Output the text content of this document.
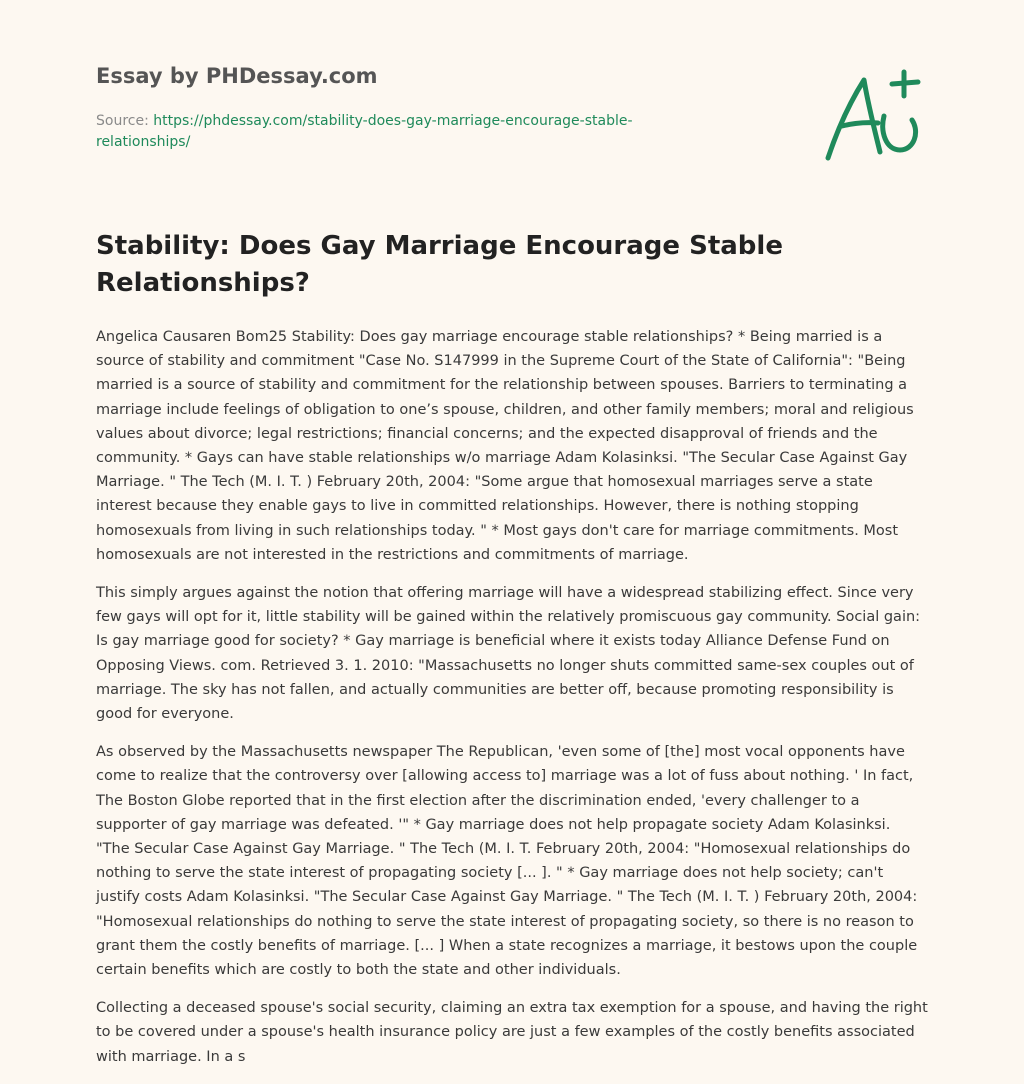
Essay by PHDessay.com
Source: https://phdessay.com/stability-does-gay-marriage-encourage-stable-relationships/
Stability: Does Gay Marriage Encourage Stable Relationships?

Angelica Causaren Bom25 Stability: Does gay marriage encourage stable relationships? * Being married is a source of stability and commitment "Case No. S147999 in the Supreme Court of the State of California": "Being married is a source of stability and commitment for the relationship between spouses. Barriers to terminating a marriage include feelings of obligation to one’s spouse, children, and other family members; moral and religious values about divorce; legal restrictions; financial concerns; and the expected disapproval of friends and the community. * Gays can have stable relationships w/o marriage Adam Kolasinksi. "The Secular Case Against Gay Marriage. " The Tech (M. I. T. ) February 20th, 2004: "Some argue that homosexual marriages serve a state interest because they enable gays to live in committed relationships. However, there is nothing stopping homosexuals from living in such relationships today. " * Most gays don't care for marriage commitments. Most homosexuals are not interested in the restrictions and commitments of marriage.

This simply argues against the notion that offering marriage will have a widespread stabilizing effect. Since very few gays will opt for it, little stability will be gained within the relatively promiscuous gay community. Social gain: Is gay marriage good for society? * Gay marriage is beneficial where it exists today Alliance Defense Fund on Opposing Views. com. Retrieved 3. 1. 2010: "Massachusetts no longer shuts committed same-sex couples out of marriage. The sky has not fallen, and actually communities are better off, because promoting responsibility is good for everyone.

As observed by the Massachusetts newspaper The Republican, 'even some of [the] most vocal opponents have come to realize that the controversy over [allowing access to] marriage was a lot of fuss about nothing. ' In fact, The Boston Globe reported that in the first election after the discrimination ended, 'every challenger to a supporter of gay marriage was defeated. '" * Gay marriage does not help propagate society Adam Kolasinksi. "The Secular Case Against Gay Marriage. " The Tech (M. I. T. February 20th, 2004: "Homosexual relationships do nothing to serve the state interest of propagating society [... ]. " * Gay marriage does not help society; can't justify costs Adam Kolasinksi. "The Secular Case Against Gay Marriage. " The Tech (M. I. T. ) February 20th, 2004: "Homosexual relationships do nothing to serve the state interest of propagating society, so there is no reason to grant them the costly benefits of marriage. [... ] When a state recognizes a marriage, it bestows upon the couple certain benefits which are costly to both the state and other individuals.

Collecting a deceased spouse's social security, claiming an extra tax exemption for a spouse, and having the right to be covered under a spouse's health insurance policy are just a few examples of the costly benefits associated with marriage. In a s
